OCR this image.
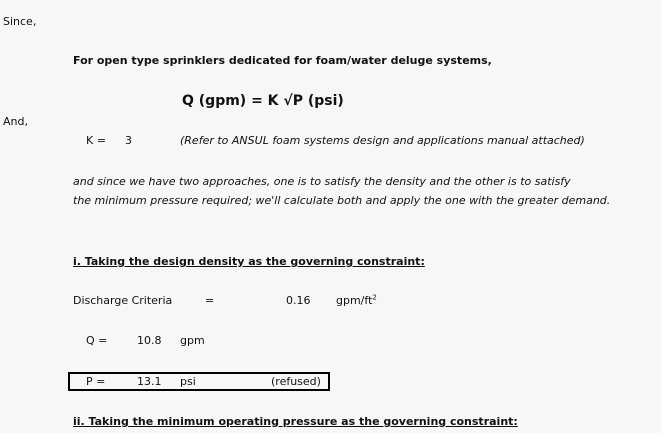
Since,
For open type sprinklers dedicated for foam/water deluge systems,
Q (gpm) = K √P (psi)
And,
K = 3	(Refer to ANSUL foam systems design and applications manual attached)
and since we have two approaches, one is to satisfy the density and the other is to satisfy
the minimum pressure required; we'll calculate both and apply the one with the greater demand.
i. Taking the design density as the governing constraint:
Discharge Criteria	=	0.16 gpm/$ft^2$
Q =	10.8 gpm
P =	13.1 psi	(refused)
ii. Taking the minimum operating pressure as the governing constraint:
